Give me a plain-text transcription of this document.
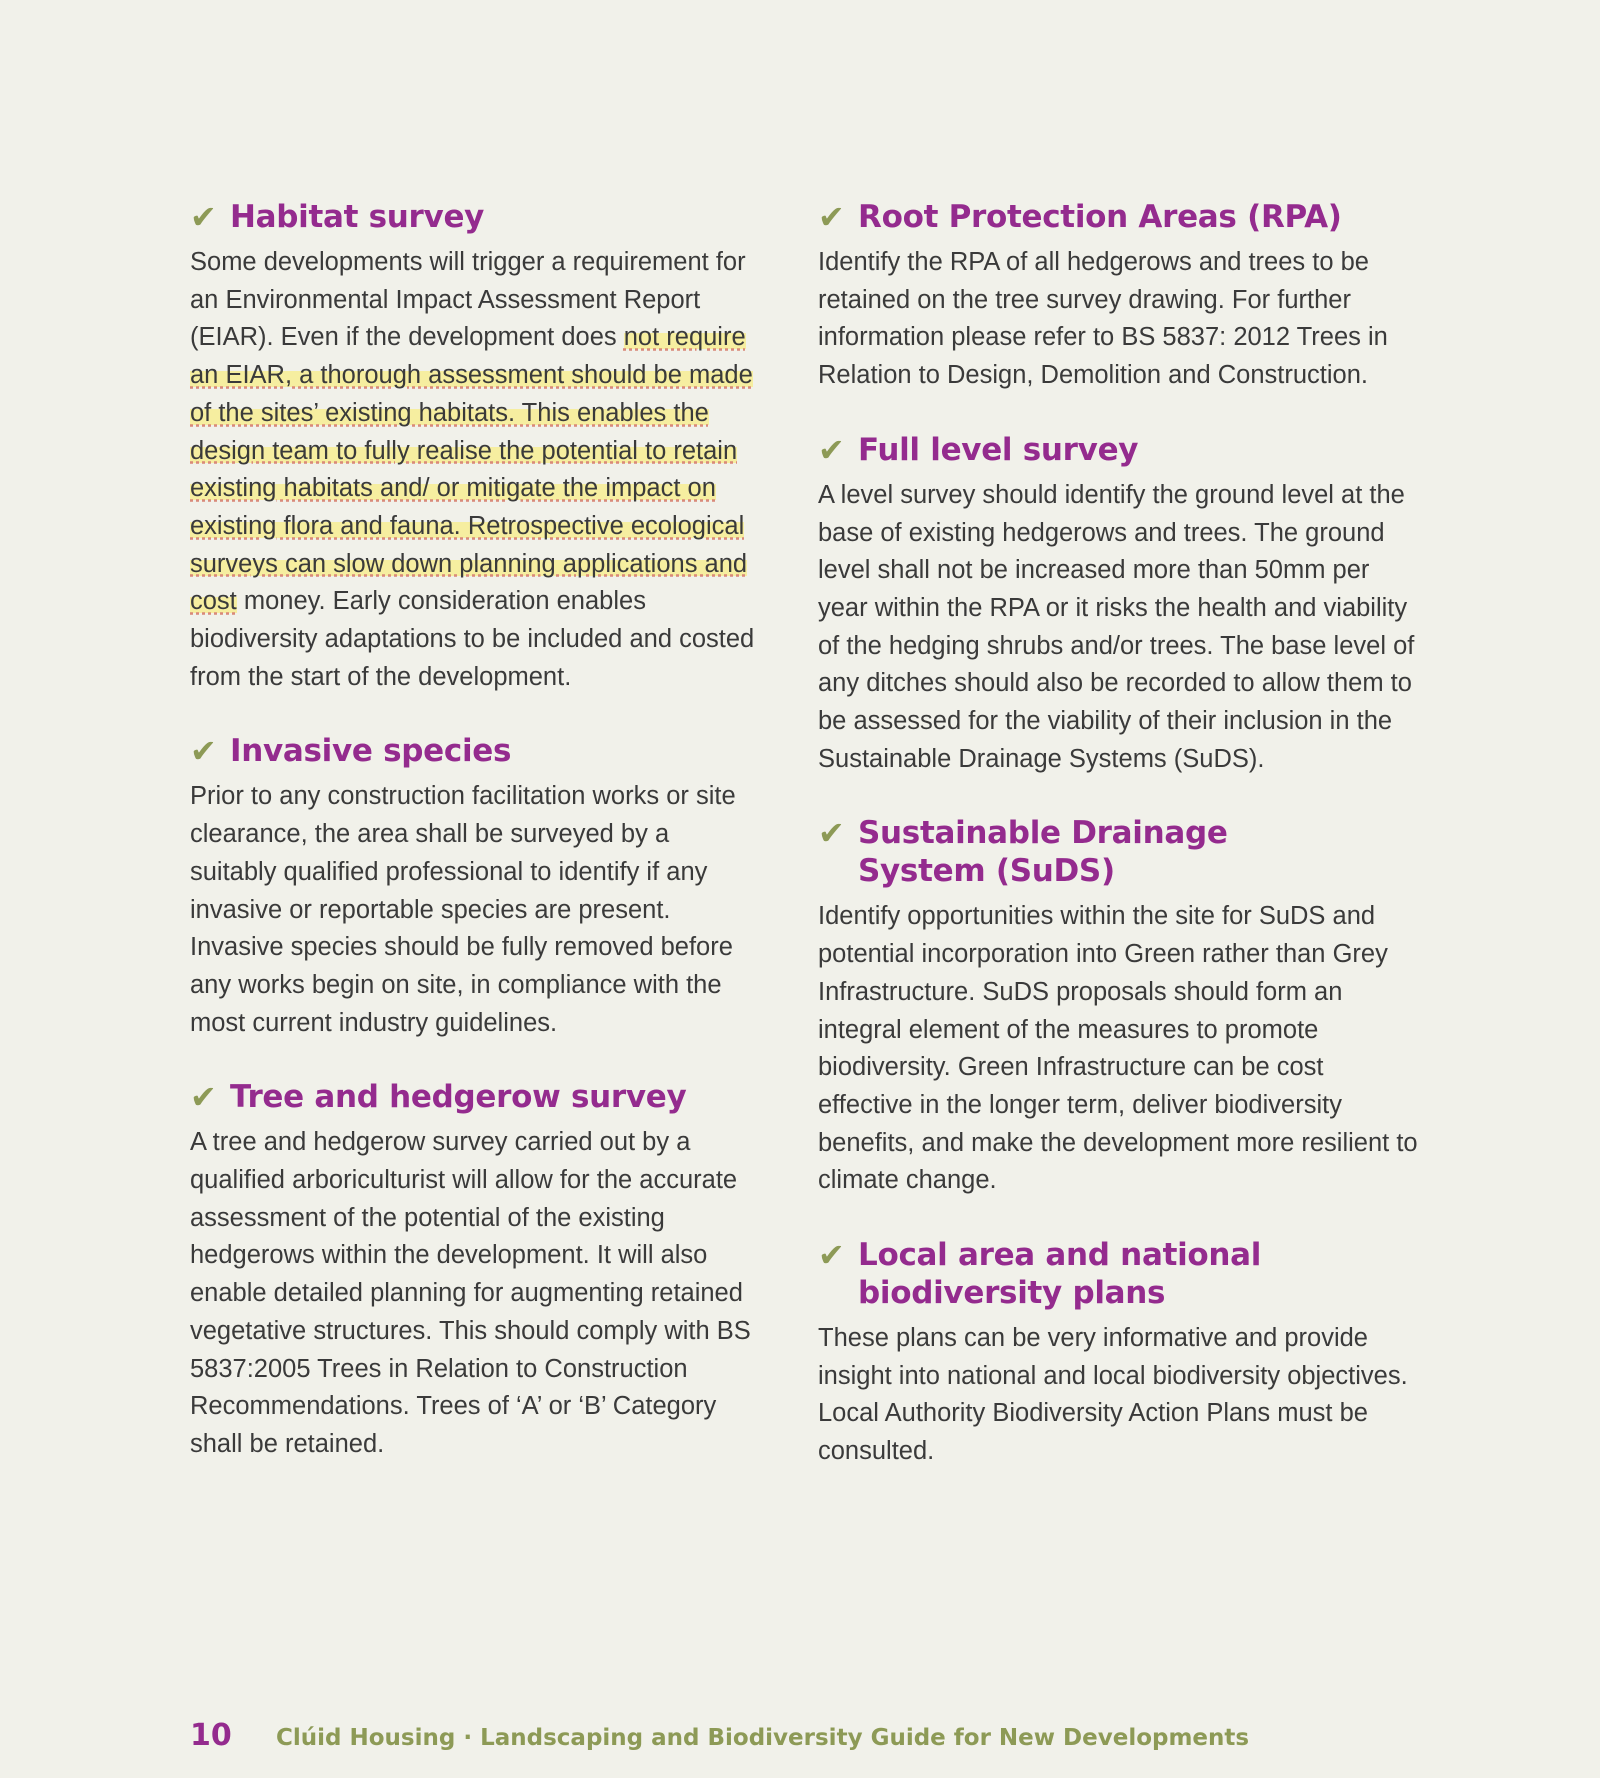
✔ Habitat survey

Some developments will trigger a requirement for an Environmental Impact Assessment Report (EIAR). Even if the development does not require an EIAR, a thorough assessment should be made of the sites’ existing habitats. This enables the design team to fully realise the potential to retain existing habitats and/ or mitigate the impact on existing flora and fauna. Retrospective ecological surveys can slow down planning applications and cost money. Early consideration enables biodiversity adaptations to be included and costed from the start of the development.

✔ Invasive species

Prior to any construction facilitation works or site clearance, the area shall be surveyed by a suitably qualified professional to identify if any invasive or reportable species are present. Invasive species should be fully removed before any works begin on site, in compliance with the most current industry guidelines.

✔ Tree and hedgerow survey

A tree and hedgerow survey carried out by a qualified arboriculturist will allow for the accurate assessment of the potential of the existing hedgerows within the development. It will also enable detailed planning for augmenting retained vegetative structures. This should comply with BS 5837:2005 Trees in Relation to Construction Recommendations. Trees of ‘A’ or ‘B’ Category shall be retained.

✔ Root Protection Areas (RPA)

Identify the RPA of all hedgerows and trees to be retained on the tree survey drawing. For further information please refer to BS 5837: 2012 Trees in Relation to Design, Demolition and Construction.

✔ Full level survey

A level survey should identify the ground level at the base of existing hedgerows and trees. The ground level shall not be increased more than 50mm per year within the RPA or it risks the health and viability of the hedging shrubs and/or trees. The base level of any ditches should also be recorded to allow them to be assessed for the viability of their inclusion in the Sustainable Drainage Systems (SuDS).

✔ Sustainable Drainage System (SuDS)

Identify opportunities within the site for SuDS and potential incorporation into Green rather than Grey Infrastructure. SuDS proposals should form an integral element of the measures to promote biodiversity. Green Infrastructure can be cost effective in the longer term, deliver biodiversity benefits, and make the development more resilient to climate change.

✔ Local area and national biodiversity plans

These plans can be very informative and provide insight into national and local biodiversity objectives. Local Authority Biodiversity Action Plans must be consulted.

10	Clúid Housing · Landscaping and Biodiversity Guide for New Developments
